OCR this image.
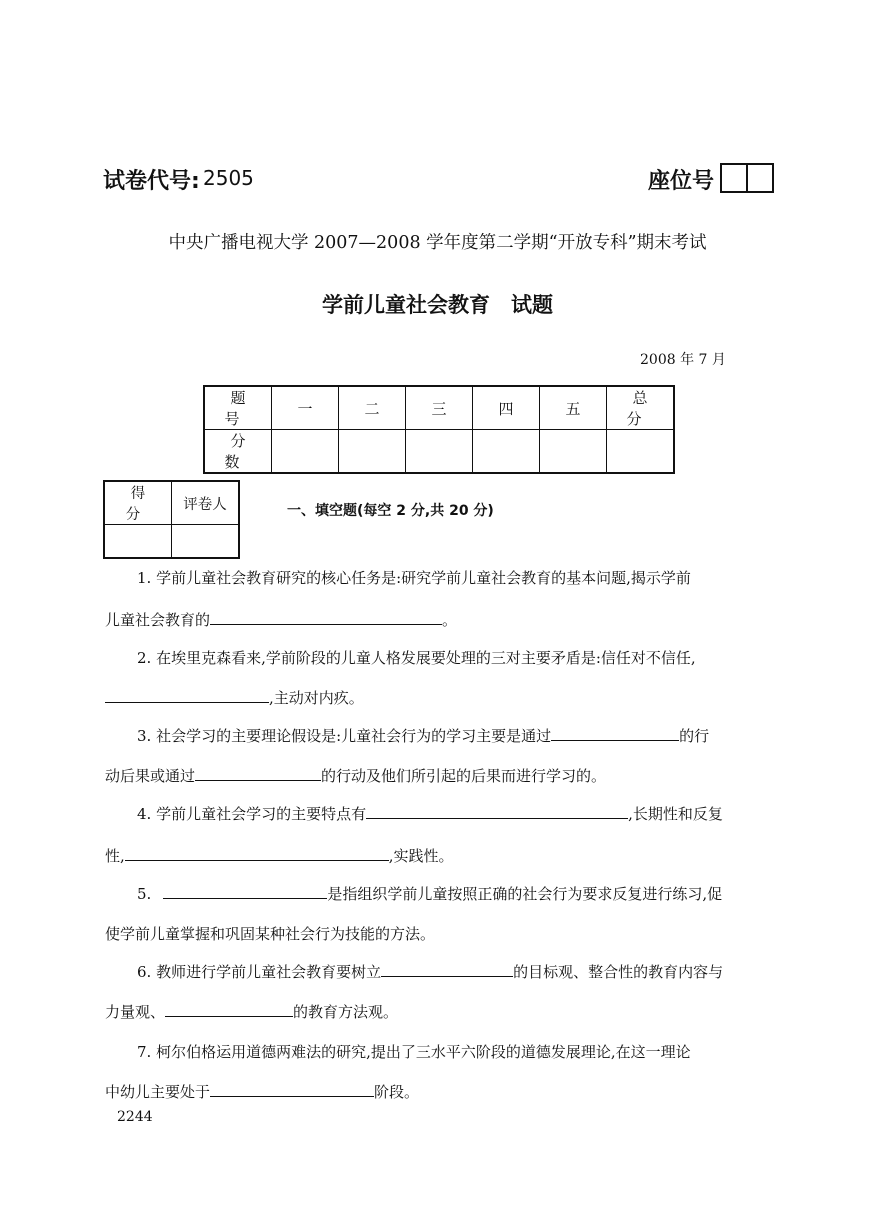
试卷代号: 2505	座位号
中央广播电视大学 2007—2008 学年度第二学期“开放专科”期末考试
学前儿童社会教育　试题
2008 年 7 月
题 号	一	二	三	四	五	总 分
分 数						
得 分	评卷人
		一、填空题(每空 2 分,共 20 分)
1. 学前儿童社会教育研究的核心任务是:研究学前儿童社会教育的基本问题,揭示学前
儿童社会教育的	。
2. 在埃里克森看来,学前阶段的儿童人格发展要处理的三对主要矛盾是:信任对不信任,
,主动对内疚。
3. 社会学习的主要理论假设是:儿童社会行为的学习主要是通过	的行
动后果或通过	的行动及他们所引起的后果而进行学习的。
4. 学前儿童社会学习的主要特点有	,长期性和反复
性,	,实践性。
5.	是指组织学前儿童按照正确的社会行为要求反复进行练习,促
使学前儿童掌握和巩固某种社会行为技能的方法。
6. 教师进行学前儿童社会教育要树立	的目标观、整合性的教育内容与
力量观、	的教育方法观。
7. 柯尔伯格运用道德两难法的研究,提出了三水平六阶段的道德发展理论,在这一理论
中幼儿主要处于	阶段。
2244
